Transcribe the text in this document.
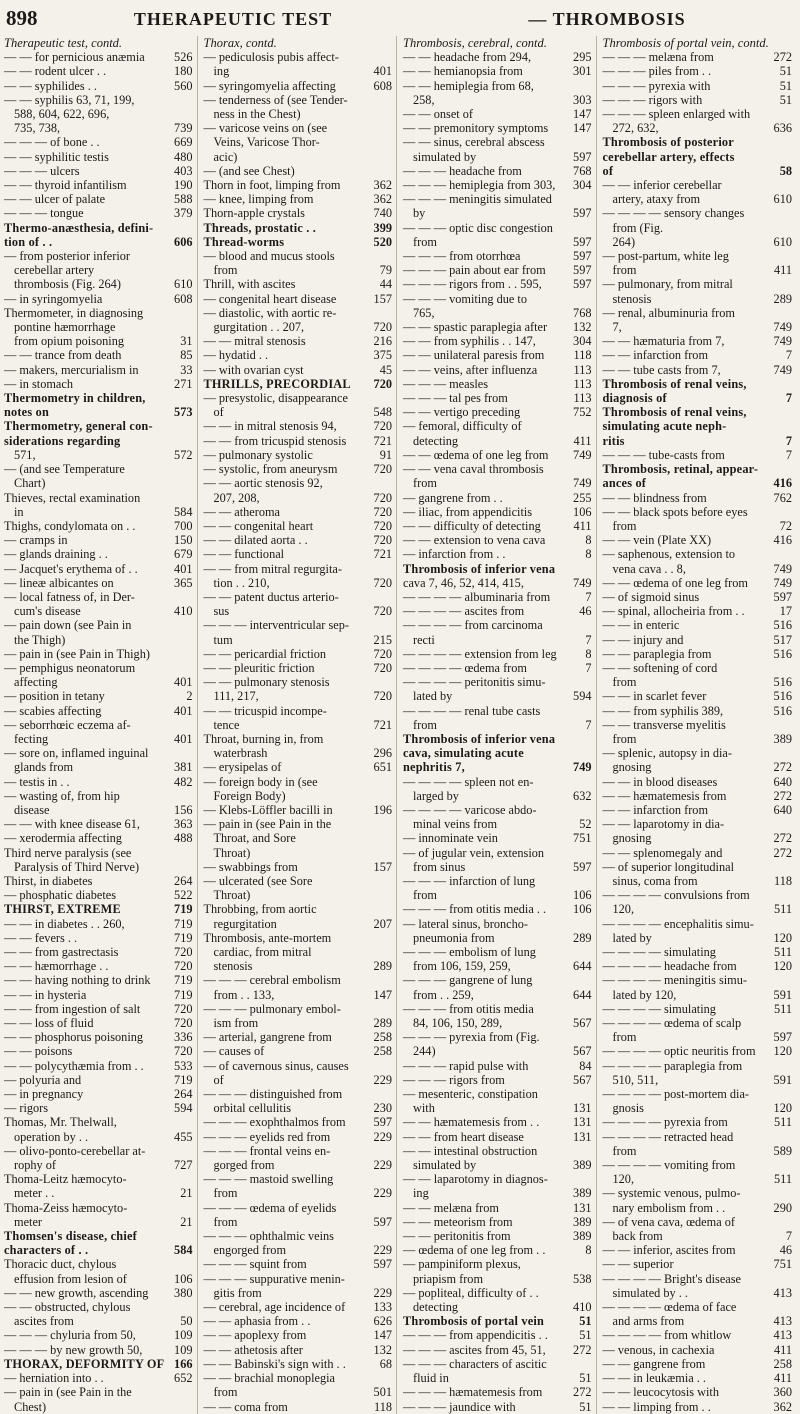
898	THERAPEUTIC TEST	— THROMBOSIS
Therapeutic test, contd.
— — for pernicious anæmia	526
— — rodent ulcer . .	180
— — syphilides . .	560
— — syphilis 63, 71, 199,
588, 604, 622, 696,
735, 738,	739
— — — of bone . .	669
— — syphilitic testis	480
— — — ulcers	403
— — thyroid infantilism	190
— — ulcer of palate	588
— — — tongue	379
Thermo-anæsthesia, defini-
tion of . .	606
— from posterior inferior
cerebellar artery
thrombosis (Fig. 264)	610
— in syringomyelia	608
Thermometer, in diagnosing
pontine hæmorrhage
from opium poisoning	31
— — trance from death	85
— makers, mercurialism in	33
— in stomach	271
Thermometry in children,
notes on	573
Thermometry, general con-
siderations regarding
571,	572
— (and see Temperature
Chart)
Thieves, rectal examination
in	584
Thighs, condylomata on . .	700
— cramps in	150
— glands draining . .	679
— Jacquet's erythema of . .	401
— lineæ albicantes on	365
— local fatness of, in Der-
cum's disease	410
— pain down (see Pain in
the Thigh)
— pain in (see Pain in Thigh)
— pemphigus neonatorum
affecting	401
— position in tetany	2
— scabies affecting	401
— seborrhœic eczema af-
fecting	401
— sore on, inflamed inguinal
glands from	381
— testis in . .	482
— wasting of, from hip
disease	156
— — with knee disease 61,	363
— xerodermia affecting	488
Third nerve paralysis (see
Paralysis of Third Nerve)
Thirst, in diabetes	264
— phosphatic diabetes	522
THIRST, EXTREME	719
— — in diabetes . . 260,	719
— — fevers . .	719
— — from gastrectasis	720
— — hæmorrhage . .	720
— — having nothing to drink	719
— — in hysteria	719
— — from ingestion of salt	720
— — loss of fluid	720
— — phosphorus poisoning	336
— — poisons	720
— — polycythæmia from . .	533
— polyuria and	719
— in pregnancy	264
— rigors	594
Thomas, Mr. Thelwall,
operation by . .	455
— olivo-ponto-cerebellar at-
rophy of	727
Thoma-Leitz hæmocyto-
meter . .	21
Thoma-Zeiss hæmocyto-
meter	21
Thomsen's disease, chief
characters of . .	584
Thoracic duct, chylous
effusion from lesion of	106
— — new growth, ascending	380
— — obstructed, chylous
ascites from	50
— — — chyluria from 50,	109
— — — by new growth 50,	109
THORAX, DEFORMITY OF 166
— herniation into . .	652
— pain in (see Pain in the
Chest)
Thorax, contd.
— pediculosis pubis affect-
ing	401
— syringomyelia affecting	608
— tenderness of (see Tender-
ness in the Chest)
— varicose veins on (see
Veins, Varicose Thor-
acic)
— (and see Chest)
Thorn in foot, limping from	362
— knee, limping from	362
Thorn-apple crystals	740
Threads, prostatic . .	399
Thread-worms	520
— blood and mucus stools
from	79
Thrill, with ascites	44
— congenital heart disease	157
— diastolic, with aortic re-
gurgitation . . 207,	720
— — mitral stenosis	216
— hydatid . .	375
— with ovarian cyst	45
THRILLS, PRECORDIAL	720
— presystolic, disappearance
of	548
— — in mitral stenosis 94,	720
— — from tricuspid stenosis	721
— pulmonary systolic	91
— systolic, from aneurysm	720
— — aortic stenosis 92,
207, 208,	720
— — atheroma	720
— — congenital heart	720
— — dilated aorta . .	720
— — functional	721
— — from mitral regurgita-
tion . . 210,	720
— — patent ductus arterio-
sus	720
— — — interventricular sep-
tum	215
— — pericardial friction	720
— — pleuritic friction	720
— — pulmonary stenosis
111, 217,	720
— — tricuspid incompe-
tence	721
Throat, burning in, from
waterbrash	296
— erysipelas of	651
— foreign body in (see
Foreign Body)
— Klebs-Löffler bacilli in	196
— pain in (see Pain in the
Throat, and Sore
Throat)
— swabbings from	157
— ulcerated (see Sore
Throat)
Throbbing, from aortic
regurgitation	207
Thrombosis, ante-mortem
cardiac, from mitral
stenosis	289
— — — cerebral embolism
from . . 133,	147
— — — pulmonary embol-
ism from	289
— arterial, gangrene from	258
— causes of	258
— of cavernous sinus, causes
of	229
— — — distinguished from
orbital cellulitis	230
— — — exophthalmos from	597
— — — eyelids red from	229
— — — frontal veins en-
gorged from	229
— — — mastoid swelling
from	229
— — — œdema of eyelids
from	597
— — — ophthalmic veins
engorged from	229
— — — squint from	597
— — — suppurative menin-
gitis from	229
— cerebral, age incidence of	133
— — aphasia from . .	626
— — apoplexy from	147
— — athetosis after	132
— — Babinski's sign with . .	68
— — brachial monoplegia
from	501
— — coma from	118
Thrombosis, cerebral, contd.
— — headache from 294,	295
— — hemianopsia from	301
— — hemiplegia from 68,
258,	303
— — onset of	147
— — premonitory symptoms	147
— — sinus, cerebral abscess
simulated by	597
— — — headache from	768
— — — hemiplegia from 303,	304
— — — meningitis simulated
by	597
— — — optic disc congestion
from	597
— — — from otorrhœa	597
— — — pain about ear from	597
— — — rigors from . . 595,	597
— — — vomiting due to
765,	768
— — spastic paraplegia after	132
— — from syphilis . . 147,	304
— — unilateral paresis from	118
— — veins, after influenza	113
— — — measles	113
— — — tal pes from	113
— — vertigo preceding	752
— femoral, difficulty of
detecting	411
— — œdema of one leg from	749
— — vena caval thrombosis
from	749
— gangrene from . .	255
— iliac, from appendicitis	106
— — difficulty of detecting	411
— — extension to vena cava	8
— infarction from . .	8
Thrombosis of inferior vena
cava 7, 46, 52, 414, 415,	749
— — — — albuminaria from	7
— — — — ascites from	46
— — — — from carcinoma
recti	7
— — — — extension from leg	8
— — — — œdema from	7
— — — — peritonitis simu-
lated by	594
— — — — renal tube casts
from	7
Thrombosis of inferior vena
cava, simulating acute
nephritis 7,	749
— — — — spleen not en-
larged by	632
— — — — varicose abdo-
minal veins from	52
— innominate vein	751
— of jugular vein, extension
from sinus	597
— — — infarction of lung
from	106
— — — from otitis media . .	106
— lateral sinus, broncho-
pneumonia from	289
— — — embolism of lung
from 106, 159, 259,	644
— — — gangrene of lung
from . . 259,	644
— — — from otitis media
84, 106, 150, 289,	567
— — — pyrexia from (Fig.
244)	567
— — — rapid pulse with	84
— — — rigors from	567
— mesenteric, constipation
with	131
— — hæmatemesis from . .	131
— — from heart disease	131
— — intestinal obstruction
simulated by	389
— — laparotomy in diagnos-
ing	389
— — melæna from	131
— — meteorism from	389
— — peritonitis from	389
— œdema of one leg from . .	8
— pampiniform plexus,
priapism from	538
— popliteal, difficulty of . .
detecting	410
Thrombosis of portal vein	51
— — — from appendicitis . .	51
— — — ascites from 45, 51,	272
— — — characters of ascitic
fluid in	51
— — — hæmatemesis from	272
— — — jaundice with	51
Thrombosis of portal vein, contd.
— — — melæna from	272
— — — piles from . .	51
— — — pyrexia with	51
— — — rigors with	51
— — — spleen enlarged with
272, 632,	636
Thrombosis of posterior
cerebellar artery, effects
of	58
— — inferior cerebellar
artery, ataxy from	610
— — — — sensory changes
from (Fig.
264)	610
— post-partum, white leg
from	411
— pulmonary, from mitral
stenosis	289
— renal, albuminuria from
7,	749
— — hæmaturia from 7,	749
— — infarction from	7
— — tube casts from 7,	749
Thrombosis of renal veins,
diagnosis of	7
Thrombosis of renal veins,
simulating acute neph-
ritis	7
— — — tube-casts from	7
Thrombosis, retinal, appear-
ances of	416
— — blindness from	762
— — black spots before eyes
from	72
— — vein (Plate XX)	416
— saphenous, extension to
vena cava . . 8,	749
— — œdema of one leg from	749
— of sigmoid sinus	597
— spinal, allocheiria from . .	17
— — in enteric	516
— — injury and	517
— — paraplegia from	516
— — softening of cord
from	516
— — in scarlet fever	516
— — from syphilis 389,	516
— — transverse myelitis
from	389
— splenic, autopsy in dia-
gnosing	272
— — in blood diseases	640
— — hæmatemesis from	272
— — infarction from	640
— — laparotomy in dia-
gnosing	272
— — splenomegaly and	272
— of superior longitudinal
sinus, coma from	118
— — — — convulsions from
120,	511
— — — — encephalitis simu-
lated by	120
— — — — simulating	511
— — — — headache from	120
— — — — meningitis simu-
lated by 120,	591
— — — — simulating	511
— — — — œdema of scalp
from	597
— — — — optic neuritis from	120
— — — — paraplegia from
510, 511,	591
— — — — post-mortem dia-
gnosis	120
— — — — pyrexia from	511
— — — — retracted head
from	589
— — — — vomiting from
120,	511
— systemic venous, pulmo-
nary embolism from . .	290
— of vena cava, œdema of
back from	7
— — inferior, ascites from	46
— — superior	751
— — — — Bright's disease
simulated by . .	413
— — — — œdema of face
and arms from	413
— — — — from whitlow	413
— venous, in cachexia	411
— — gangrene from	258
— — in leukæmia . .	411
— — leucocytosis with	360
— — limping from . .	362
